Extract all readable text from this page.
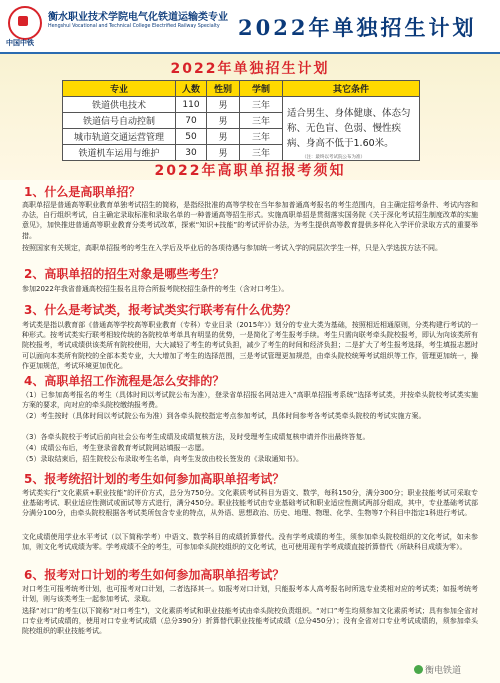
中国中铁
衡水职业技术学院电气化铁道运输类专业
Hengshui Vocational and Technical College Electrified Railway Specialty 2022年单独招生计划
2022年单独招生计划
专业	人数	性别	学制	其它条件
铁道供电技术	110	男	三年	适合男生、身体健康、体态匀称、无色盲、色弱、慢性疾病、身高不低于1.60米。
铁道信号自动控制	70	男	三年	
城市轨道交通运营管理	50	男	三年	
铁道机车运用与维护	30	男	三年		（注：最终以考试院公布为准）
2022年高职单招报考须知
1、什么是高职单招？
高职单招是普通高等职业教育单独考试招生的简称，是指经批准的高等学校在当年参加普通高考报名的考生范围内，自主确定招考条件、考试内容和办法，自行组织考试，自主确定录取标准和录取名单的一种普通高等招生形式。实施高职单招是贯彻落实国务院《关于深化考试招生制度改革的实施意见》，加快推进普通高等职业教育分类考试改革，探索“知识+技能”的考试评价办法，为考生提供高等教育提供多样化入学评价录取方式的重要举措。
按照国家有关规定，高职单招报考的考生在入学后及毕业后的各项待遇与参加统一考试入学的同层次学生一样，只是入学选拔方法不同。
2、高职单招的招生对象是哪些考生？
参加2022年我省普通高校招生报名且符合所报考院校招生条件的考生（含对口考生）。
3、什么是考试类，报考试类实行联考有什么优势？
考试类是指以教育部《普通高等学校高等职业教育（专科）专业目录（2015年）》划分的专业大类为基础，按照相近相通原则，分类构建行考试的一种形式。按考试类实行联考相较传统的各院校单考单具有明显的优势，一是简化了考生报考手续。考生只需向联考牵头院校报考，即认为向该类所有院校报考，考试成绩供该类所有院校使用，大大减轻了考生的考试负担，减少了考生的时间和经济负担；二是扩大了考生报考选择，考生填报志愿时可以面向本类所有院校的全部本类专业，大大增加了考生的选择范围，三是考试管理更加规范，由牵头院校统筹考试组织等工作，管理更加统一，操作更加规范，考试环境更加优化。
4、高职单招工作流程是怎么安排的？
（1）已参加高考报名的考生（具体时间以考试院公布为准），登录省单招报名网站进入“高职单招报考系统”选择考试类，并按牵头院校考试类实施方案的要求，向对应的牵头院校缴纳报考费。
（2）考生按时（具体时间以考试院公布为准）到各牵头院校指定考点参加考试，具体时间参考各考试类牵头院校的考试实施方案。
（3）各牵头院校于考试后前向社会公布考生成绩及成绩复核方法，及时受理考生成绩复核申请并作出最终答复。
（4）成绩公布后，考生登录省教育考试院网站填报一志愿。
（5）录取结束后，招生院校公布录取考生名单，向考生发放由校长签发的《录取通知书》。
5、报考统招计划的考生如何参加高职单招考试？
考试类实行“文化素质+职业技能”的评价方式，总分为750分。文化素质考试科目为语文、数学，每科150分，满分300分；职业技能考试可采取专业基础考试、职业适应性测试或面试等方式进行，满分450分。职业技能考试由专业基础考试和职业适应性测试两部分组成，其中，专业基础考试部分满分100分，由牵头院校根据各考试类所包含专业的特点，从外语、思想政治、历史、地理、物理、化学、生物等7个科目中指定1科进行考试。
文化成绩使用学业水平考试（以下简称学考）中语文、数学科目的成绩折算替代。没有学考成绩的考生，须参加牵头院校组织的文化考试，如未参加，则文化考试成绩为零。学考成绩不全的考生，可参加牵头院校组织的文化考试，也可使用现有学考成绩直接折算替代（所缺科目成绩为零）。
6、报考对口计划的考生如何参加高职单招考试？
对口考生可报考统考计划，也可报考对口计划，二者选择其一。如报考对口计划，只能报考本人高考报名时所选专业类相对应的考试类；如报考统考计划，则与该类考生一起参加考试、录取。
选择“对口”的考生(以下简称“对口考生”)，文化素质考试和职业技能考试由牵头院校负责组织。“对口”考生均须参加文化素质考试；具有参加全省对口专业考试成绩的，使用对口专业考试成绩（总分390分）折算替代职业技能考试成绩（总分450分）；没有全省对口专业考试成绩的，须参加牵头院校组织的职业技能考试。
衡电铁道
